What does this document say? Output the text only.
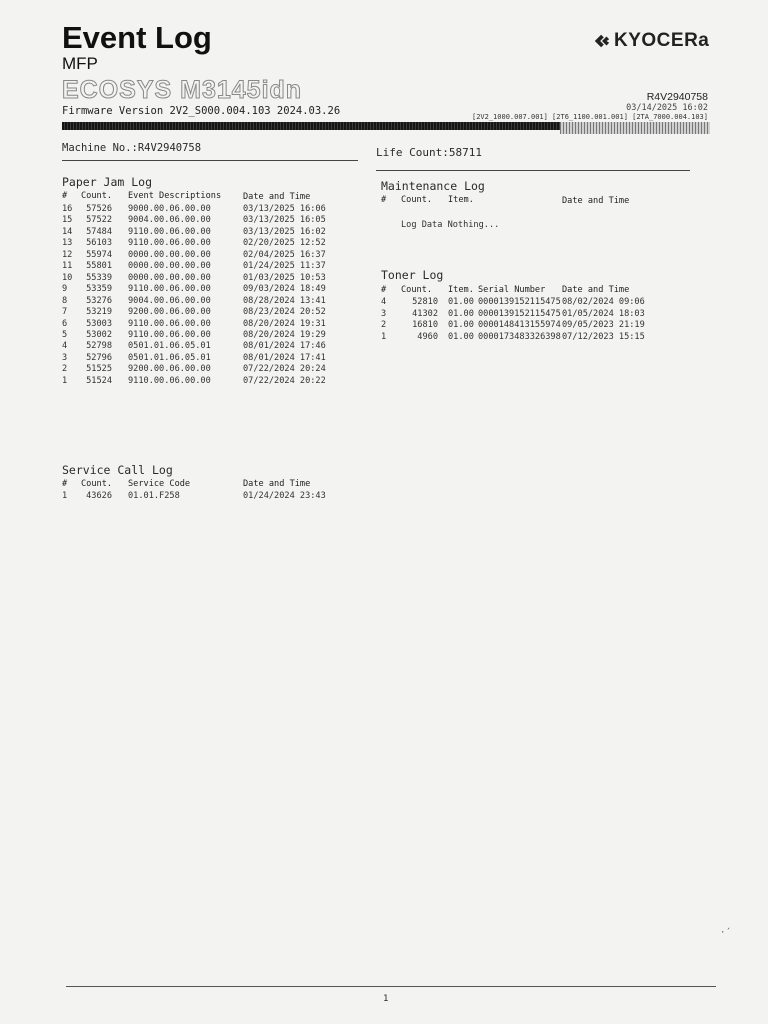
Event Log
MFP
ECOSYS M3145idn
Firmware Version 2V2_S000.004.103 2024.03.26
KYOCERa
R4V2940758
03/14/2025 16:02
[2V2_1000.007.001] [2T6_1100.001.001] [2TA_7000.004.103]
Machine No.:R4V2940758	Life Count:58711
Paper Jam Log
# Count. Event Descriptions	Date and Time
16	57526 9000.00.06.00.00	03/13/2025 16:06
15	57522 9004.00.06.00.00	03/13/2025 16:05
14	57484 9110.00.06.00.00	03/13/2025 16:02
13	56103 9110.00.06.00.00	02/20/2025 12:52
12	55974 0000.00.00.00.00	02/04/2025 16:37
11	55801 0000.00.00.00.00	01/24/2025 11:37
10	55339 0000.00.00.00.00	01/03/2025 10:53
9	53359 9110.00.06.00.00	09/03/2024 18:49
8	53276 9004.00.06.00.00	08/28/2024 13:41
7	53219 9200.00.06.00.00	08/23/2024 20:52
6	53003 9110.00.06.00.00	08/20/2024 19:31
5	53002 9110.00.06.00.00	08/20/2024 19:29
4	52798 0501.01.06.05.01	08/01/2024 17:46
3	52796 0501.01.06.05.01	08/01/2024 17:41
2	51525 9200.00.06.00.00	07/22/2024 20:24
1	51524 9110.00.06.00.00	07/22/2024 20:22
Maintenance Log
# Count. Item.	Date and Time
Log Data Nothing...
Toner Log
# Count. Item. Serial Number Date and Time
4	52810 01.00 0000139152115475 08/02/2024 09:06
3	41302 01.00 0000139152115475 01/05/2024 18:03
2	16810 01.00 0000148413155974 09/05/2023 21:19
1	4960 01.00 0000173483326398 07/12/2023 15:15
Service Call Log
# Count. Service Code	Date and Time
1	43626 01.01.F258	01/24/2024 23:43
·´
1
